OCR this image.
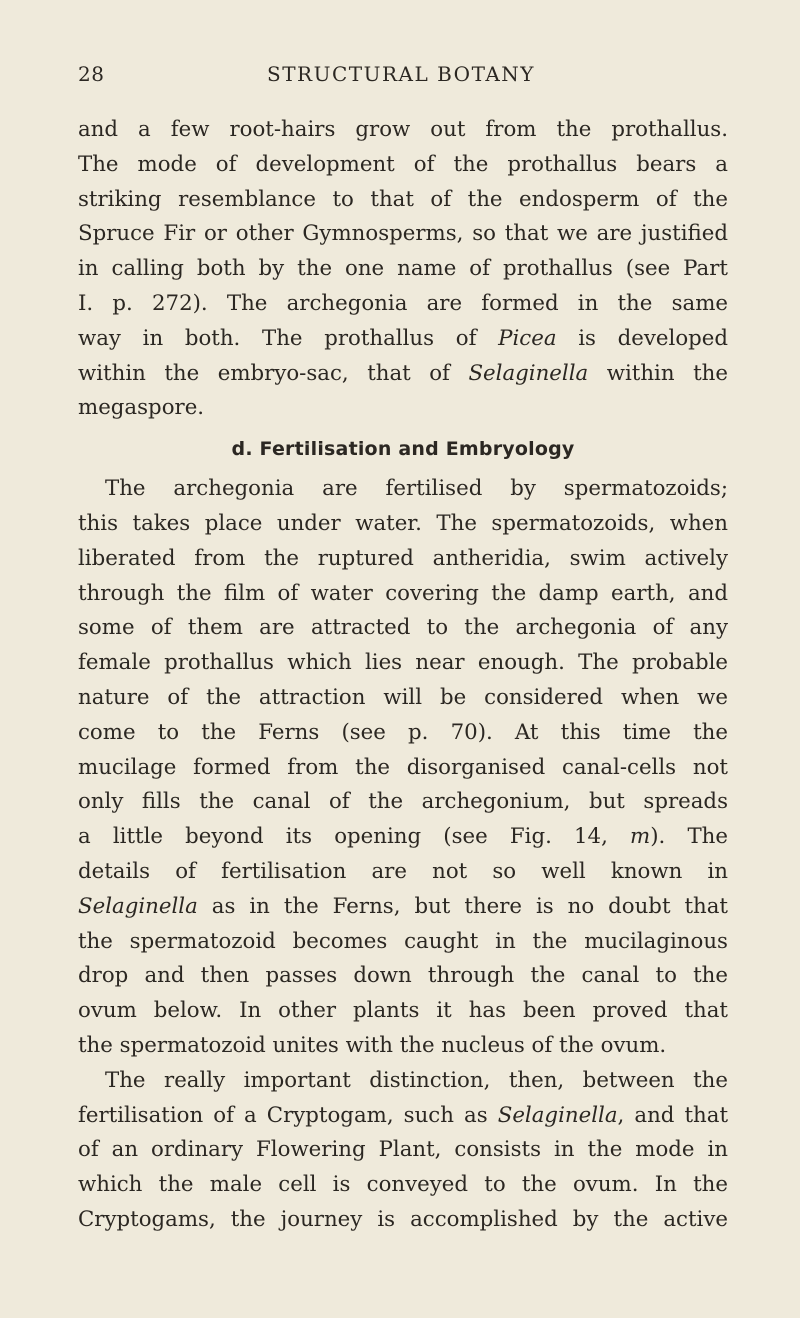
28	STRUCTURAL BOTANY
and a few root-hairs grow out from the prothallus.
The mode of development of the prothallus bears a
striking resemblance to that of the endosperm of the
Spruce Fir or other Gymnosperms, so that we are justified
in calling both by the one name of prothallus (see Part
I. p. 272). The archegonia are formed in the same
way in both. The prothallus of Picea is developed
within the embryo-sac, that of Selaginella within the
megaspore.
d. Fertilisation and Embryology
The archegonia are fertilised by spermatozoids;
this takes place under water. The spermatozoids, when
liberated from the ruptured antheridia, swim actively
through the film of water covering the damp earth, and
some of them are attracted to the archegonia of any
female prothallus which lies near enough. The probable
nature of the attraction will be considered when we
come to the Ferns (see p. 70). At this time the
mucilage formed from the disorganised canal-cells not
only fills the canal of the archegonium, but spreads
a little beyond its opening (see Fig. 14, m). The
details of fertilisation are not so well known in
Selaginella as in the Ferns, but there is no doubt that
the spermatozoid becomes caught in the mucilaginous
drop and then passes down through the canal to the
ovum below. In other plants it has been proved that
the spermatozoid unites with the nucleus of the ovum.
The really important distinction, then, between the
fertilisation of a Cryptogam, such as Selaginella, and that
of an ordinary Flowering Plant, consists in the mode in
which the male cell is conveyed to the ovum. In the
Cryptogams, the journey is accomplished by the active
